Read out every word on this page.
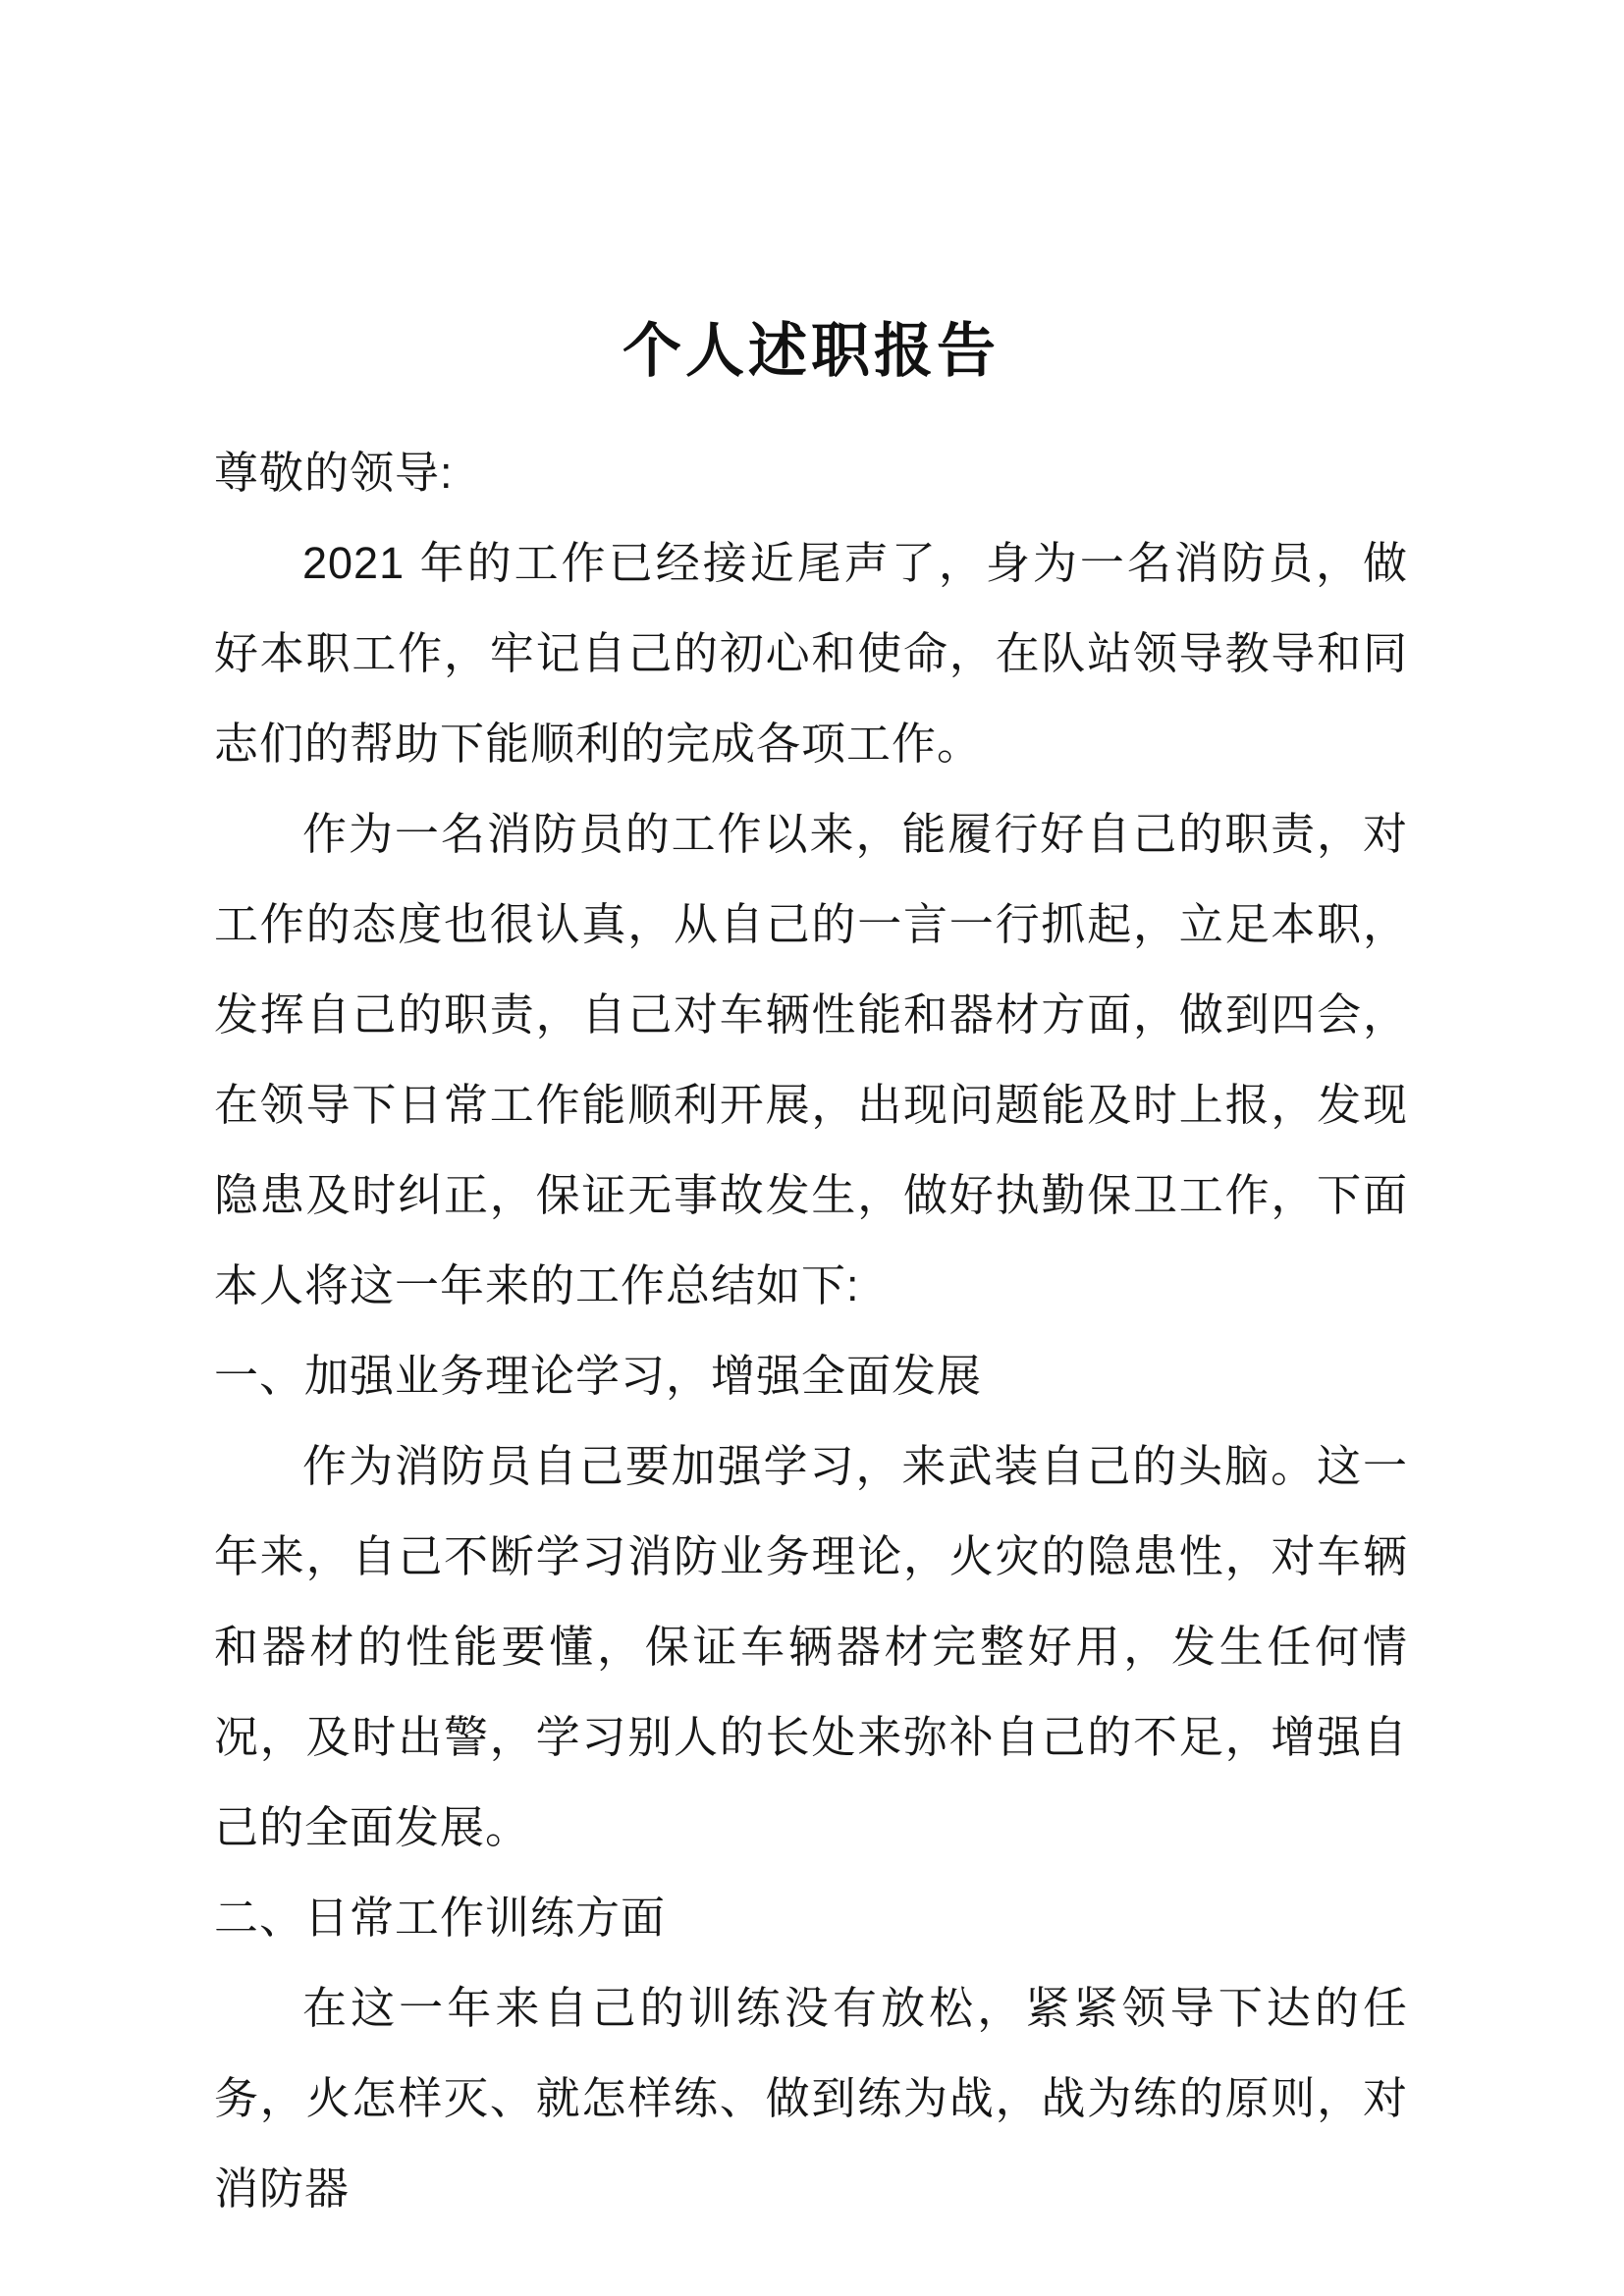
个人述职报告

尊敬的领导:

2021 年的工作已经接近尾声了，身为一名消防员，做好本职工作，牢记自己的初心和使命，在队站领导教导和同志们的帮助下能顺利的完成各项工作。

作为一名消防员的工作以来，能履行好自己的职责，对工作的态度也很认真，从自己的一言一行抓起，立足本职，发挥自己的职责，自己对车辆性能和器材方面，做到四会，在领导下日常工作能顺利开展，出现问题能及时上报，发现隐患及时纠正，保证无事故发生，做好执勤保卫工作，下面本人将这一年来的工作总结如下:

一、加强业务理论学习，增强全面发展

作为消防员自己要加强学习，来武装自己的头脑。这一年来，自己不断学习消防业务理论，火灾的隐患性，对车辆和器材的性能要懂，保证车辆器材完整好用，发生任何情况，及时出警，学习别人的长处来弥补自己的不足，增强自己的全面发展。

二、日常工作训练方面

在这一年来自己的训练没有放松，紧紧领导下达的任务，火怎样灭、就怎样练、做到练为战，战为练的原则，对消防器
